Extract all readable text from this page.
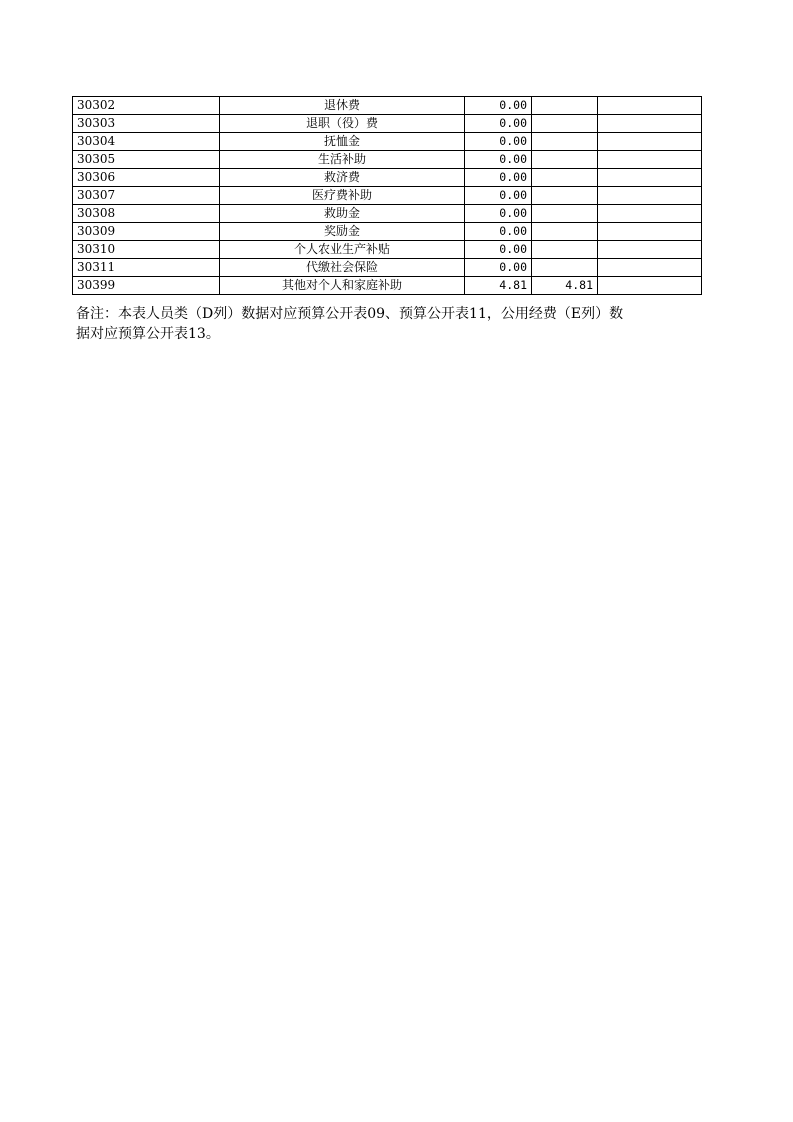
30302	退休费	0.00		
30303	退职（役）费	0.00		
30304	抚恤金	0.00		
30305	生活补助	0.00		
30306	救济费	0.00		
30307	医疗费补助	0.00		
30308	救助金	0.00		
30309	奖励金	0.00		
30310	个人农业生产补贴	0.00		
30311	代缴社会保险	0.00		
30399	其他对个人和家庭补助	4.81	4.81	
备注：本表人员类（D列）数据对应预算公开表09、预算公开表11，公用经费（E列）数
据对应预算公开表13。
